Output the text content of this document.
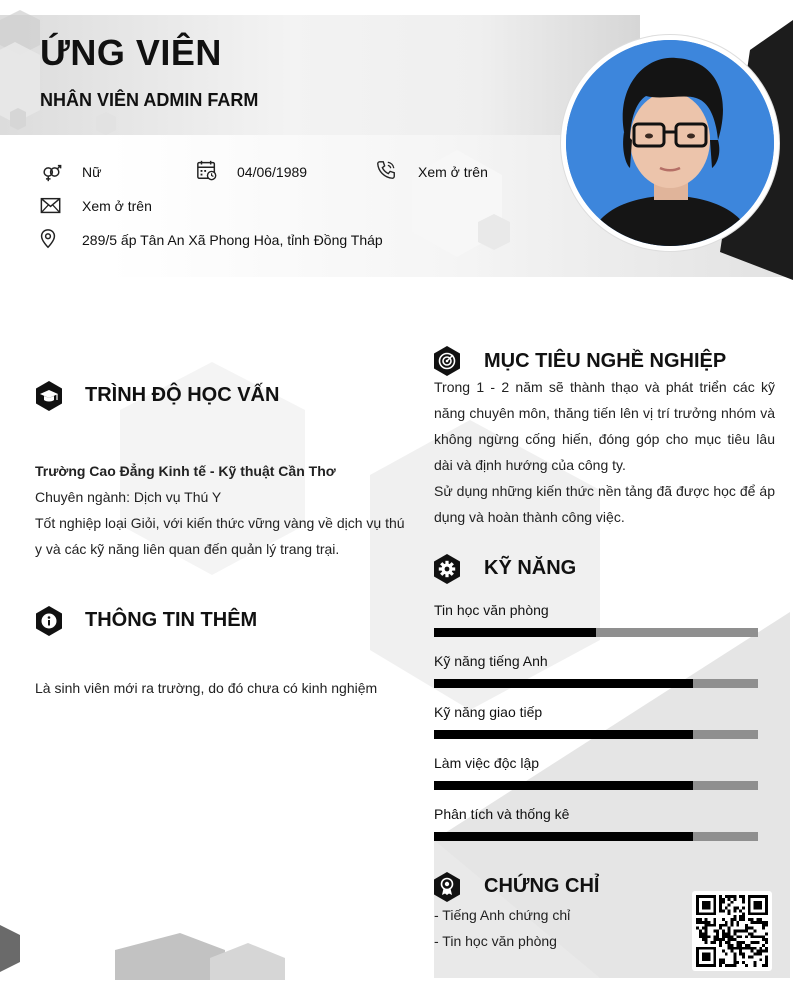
ỨNG VIÊN
NHÂN VIÊN ADMIN FARM
Nữ	04/06/1989	Xem ở trên
Xem ở trên
289/5 ấp Tân An Xã Phong Hòa, tỉnh Đồng Tháp
MỤC TIÊU NGHỀ NGHIỆP
Trong 1 - 2 năm sẽ thành thạo và phát triển các kỹ năng chuyên môn, thăng tiến lên vị trí trưởng nhóm và không ngừng cống hiến, đóng góp cho mục tiêu lâu dài và định hướng của công ty.
Sử dụng những kiến thức nền tảng đã được học để áp dụng và hoàn thành công việc.
TRÌNH ĐỘ HỌC VẤN
Trường Cao Đẳng Kinh tế - Kỹ thuật Cần Thơ
Chuyên ngành: Dịch vụ Thú Y
Tốt nghiệp loại Giỏi, với kiến thức vững vàng về dịch vụ thú y và các kỹ năng liên quan đến quản lý trang trại.
THÔNG TIN THÊM
Là sinh viên mới ra trường, do đó chưa có kinh nghiệm
KỸ NĂNG
Tin học văn phòng
Kỹ năng tiếng Anh
Kỹ năng giao tiếp
Làm việc độc lập
Phân tích và thống kê
CHỨNG CHỈ
- Tiếng Anh chứng chỉ
- Tin học văn phòng
